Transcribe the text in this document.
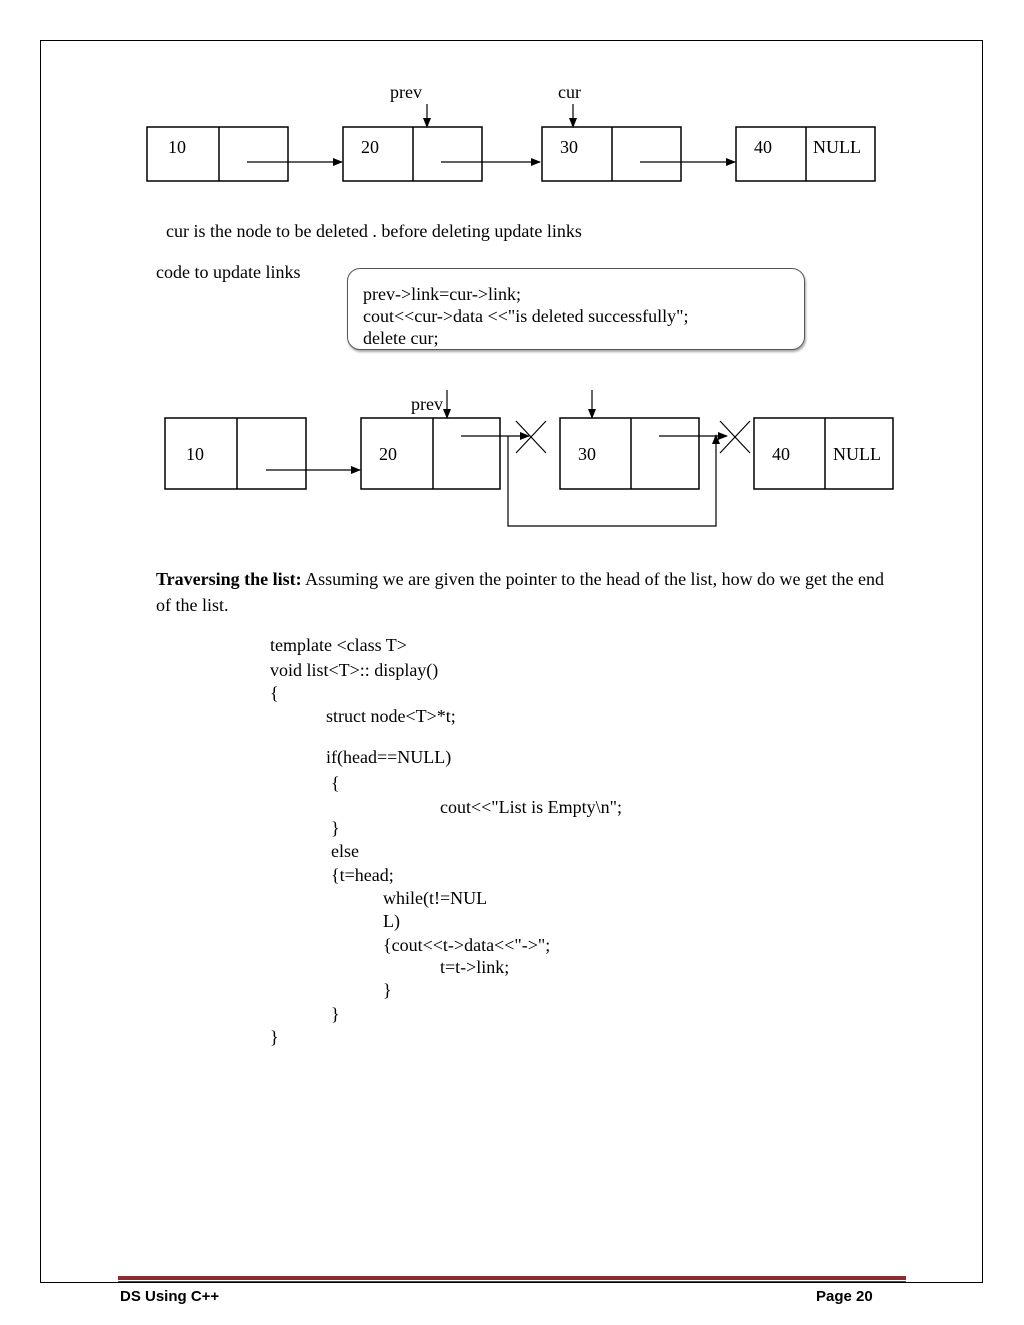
10	20	30	40 NULL
prev	cur
10	20	30	40 NULL
prev
cur is the node to be deleted . before deleting update links
code to update links
prev->link=cur->link;
cout<<cur->data <<"is deleted successfully";
delete cur;
Traversing the list: Assuming we are given the pointer to the head of the list, how do we get the end of the list.
template <class T>
void list<T>:: display()
{
struct node<T>*t;
if(head==NULL)
{
cout<<"List is Empty\n";
}
else
{t=head;
while(t!=NUL
L)
{cout<<t->data<<"->";
t=t->link;
}
}
}
DS Using C++	Page 20
